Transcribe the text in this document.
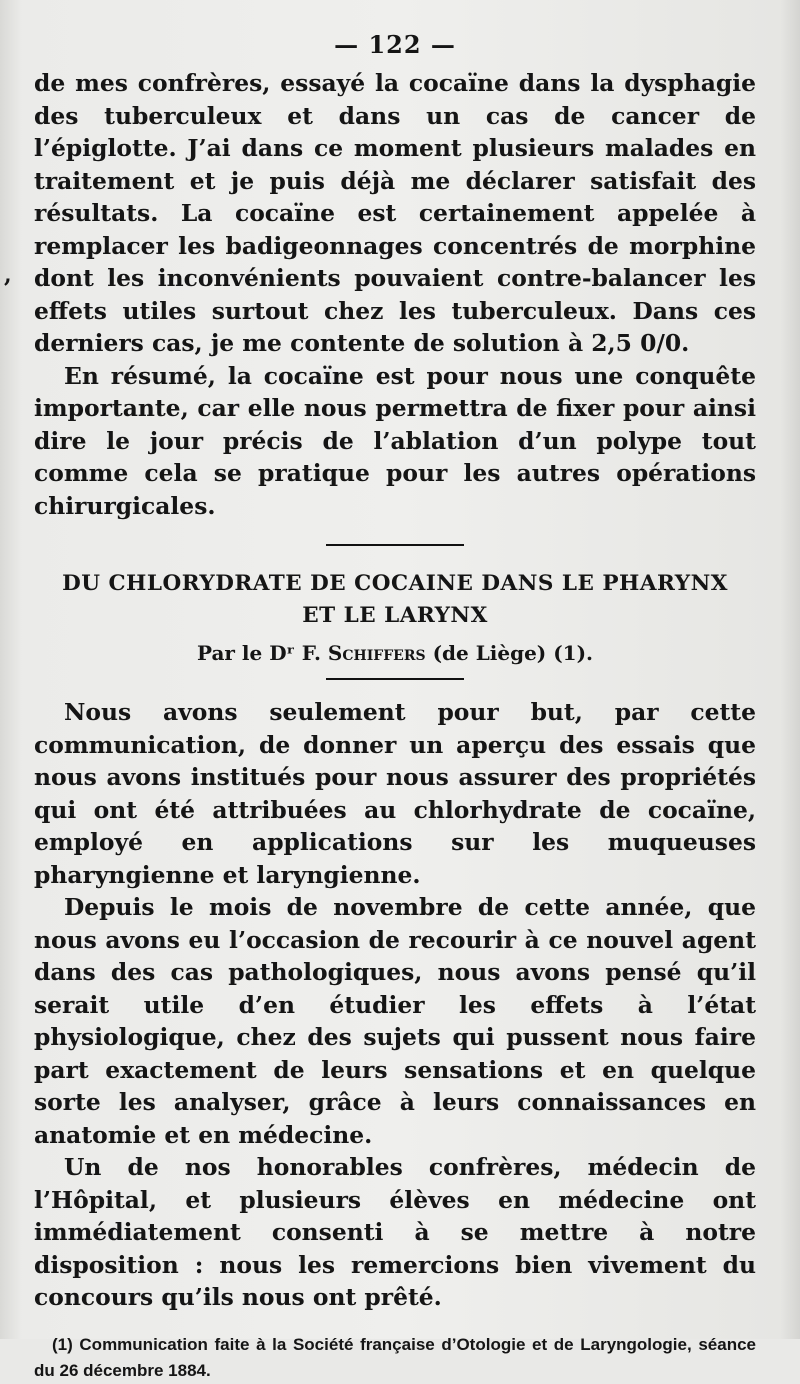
,
— 122 —

de mes confrères, essayé la cocaïne dans la dysphagie des tuberculeux et dans un cas de cancer de l’épiglotte. J’ai dans ce moment plusieurs malades en traitement et je puis déjà me déclarer satisfait des résultats. La cocaïne est certainement appelée à remplacer les badigeonnages concentrés de morphine dont les inconvénients pouvaient contre-balancer les effets utiles surtout chez les tuberculeux. Dans ces derniers cas, je me contente de solution à 2,5 0/0.

En résumé, la cocaïne est pour nous une conquête importante, car elle nous permettra de fixer pour ainsi dire le jour précis de l’ablation d’un polype tout comme cela se pratique pour les autres opérations chirurgicales.

DU CHLORYDRATE DE COCAINE DANS LE PHARYNX
ET LE LARYNX
Par le Dʳ F. Schiffers (de Liège) (1).

Nous avons seulement pour but, par cette communication, de donner un aperçu des essais que nous avons institués pour nous assurer des propriétés qui ont été attribuées au chlorhydrate de cocaïne, employé en applications sur les muqueuses pharyngienne et laryngienne.

Depuis le mois de novembre de cette année, que nous avons eu l’occasion de recourir à ce nouvel agent dans des cas pathologiques, nous avons pensé qu’il serait utile d’en étudier les effets à l’état physiologique, chez des sujets qui pussent nous faire part exactement de leurs sensations et en quelque sorte les analyser, grâce à leurs connaissances en anatomie et en médecine.

Un de nos honorables confrères, médecin de l’Hôpital, et plusieurs élèves en médecine ont immédiatement consenti à se mettre à notre disposition : nous les remercions bien vivement du concours qu’ils nous ont prêté.

(1) Communication faite à la Société française d’Otologie et de Laryngologie, séance du 26 décembre 1884.
